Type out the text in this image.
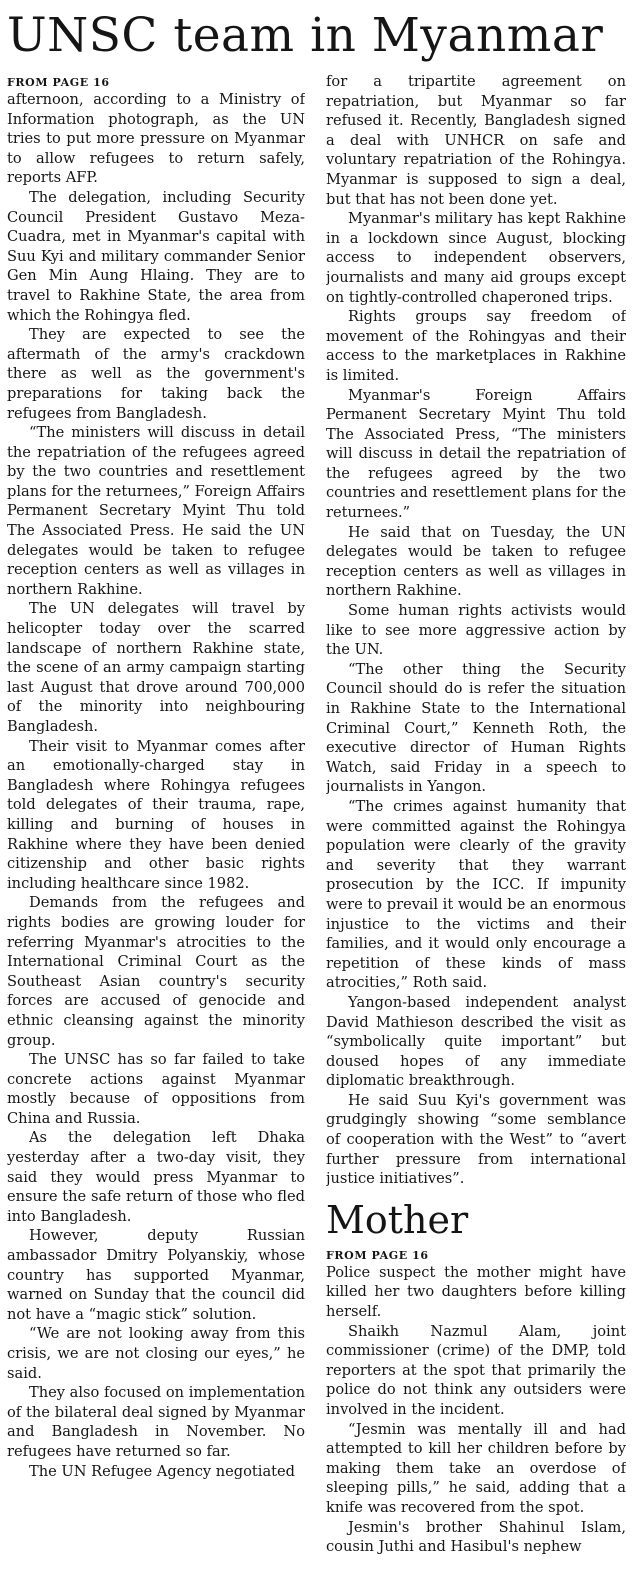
UNSC team in Myanmar
FROM PAGE 16

afternoon, according to a Ministry of Information photograph, as the UN tries to put more pressure on Myanmar to allow refugees to return safely, reports AFP.

The delegation, including Security Council President Gustavo Meza-Cuadra, met in Myanmar's capital with Suu Kyi and military commander Senior Gen Min Aung Hlaing. They are to travel to Rakhine State, the area from which the Rohingya fled.

They are expected to see the aftermath of the army's crackdown there as well as the government's preparations for taking back the refugees from Bangladesh.

“The ministers will discuss in detail the repatriation of the refugees agreed by the two countries and resettlement plans for the returnees,” Foreign Affairs Permanent Secretary Myint Thu told The Associated Press. He said the UN delegates would be taken to refugee reception centers as well as villages in northern Rakhine.

The UN delegates will travel by helicopter today over the scarred landscape of northern Rakhine state, the scene of an army campaign starting last August that drove around 700,000 of the minority into neighbouring Bangladesh.

Their visit to Myanmar comes after an emotionally-charged stay in Bangladesh where Rohingya refugees told delegates of their trauma, rape, killing and burning of houses in Rakhine where they have been denied citizenship and other basic rights including healthcare since 1982.

Demands from the refugees and rights bodies are growing louder for referring Myanmar's atrocities to the International Criminal Court as the Southeast Asian country's security forces are accused of genocide and ethnic cleansing against the minority group.

The UNSC has so far failed to take concrete actions against Myanmar mostly because of oppositions from China and Russia.

As the delegation left Dhaka yesterday after a two-day visit, they said they would press Myanmar to ensure the safe return of those who fled into Bangladesh.

However, deputy Russian ambassador Dmitry Polyanskiy, whose country has supported Myanmar, warned on Sunday that the council did not have a “magic stick” solution.

“We are not looking away from this crisis, we are not closing our eyes,” he said.

They also focused on implementation of the bilateral deal signed by Myanmar and Bangladesh in November. No refugees have returned so far.

The UN Refugee Agency negotiated

for a tripartite agreement on repatriation, but Myanmar so far refused it. Recently, Bangladesh signed a deal with UNHCR on safe and voluntary repatriation of the Rohingya. Myanmar is supposed to sign a deal, but that has not been done yet.

Myanmar's military has kept Rakhine in a lockdown since August, blocking access to independent observers, journalists and many aid groups except on tightly-controlled chaperoned trips.

Rights groups say freedom of movement of the Rohingyas and their access to the marketplaces in Rakhine is limited.

Myanmar's Foreign Affairs Permanent Secretary Myint Thu told The Associated Press, “The ministers will discuss in detail the repatriation of the refugees agreed by the two countries and resettlement plans for the returnees.”

He said that on Tuesday, the UN delegates would be taken to refugee reception centers as well as villages in northern Rakhine.

Some human rights activists would like to see more aggressive action by the UN.

“The other thing the Security Council should do is refer the situation in Rakhine State to the International Criminal Court,” Kenneth Roth, the executive director of Human Rights Watch, said Friday in a speech to journalists in Yangon.

“The crimes against humanity that were committed against the Rohingya population were clearly of the gravity and severity that they warrant prosecution by the ICC. If impunity were to prevail it would be an enormous injustice to the victims and their families, and it would only encourage a repetition of these kinds of mass atrocities,” Roth said.

Yangon-based independent analyst David Mathieson described the visit as “symbolically quite important” but doused hopes of any immediate diplomatic breakthrough.

He said Suu Kyi's government was grudgingly showing “some semblance of cooperation with the West” to “avert further pressure from international justice initiatives”.

Mother
FROM PAGE 16

Police suspect the mother might have killed her two daughters before killing herself.

Shaikh Nazmul Alam, joint commissioner (crime) of the DMP, told reporters at the spot that primarily the police do not think any outsiders were involved in the incident.

“Jesmin was mentally ill and had attempted to kill her children before by making them take an overdose of sleeping pills,” he said, adding that a knife was recovered from the spot.

Jesmin's brother Shahinul Islam, cousin Juthi and Hasibul's nephew
